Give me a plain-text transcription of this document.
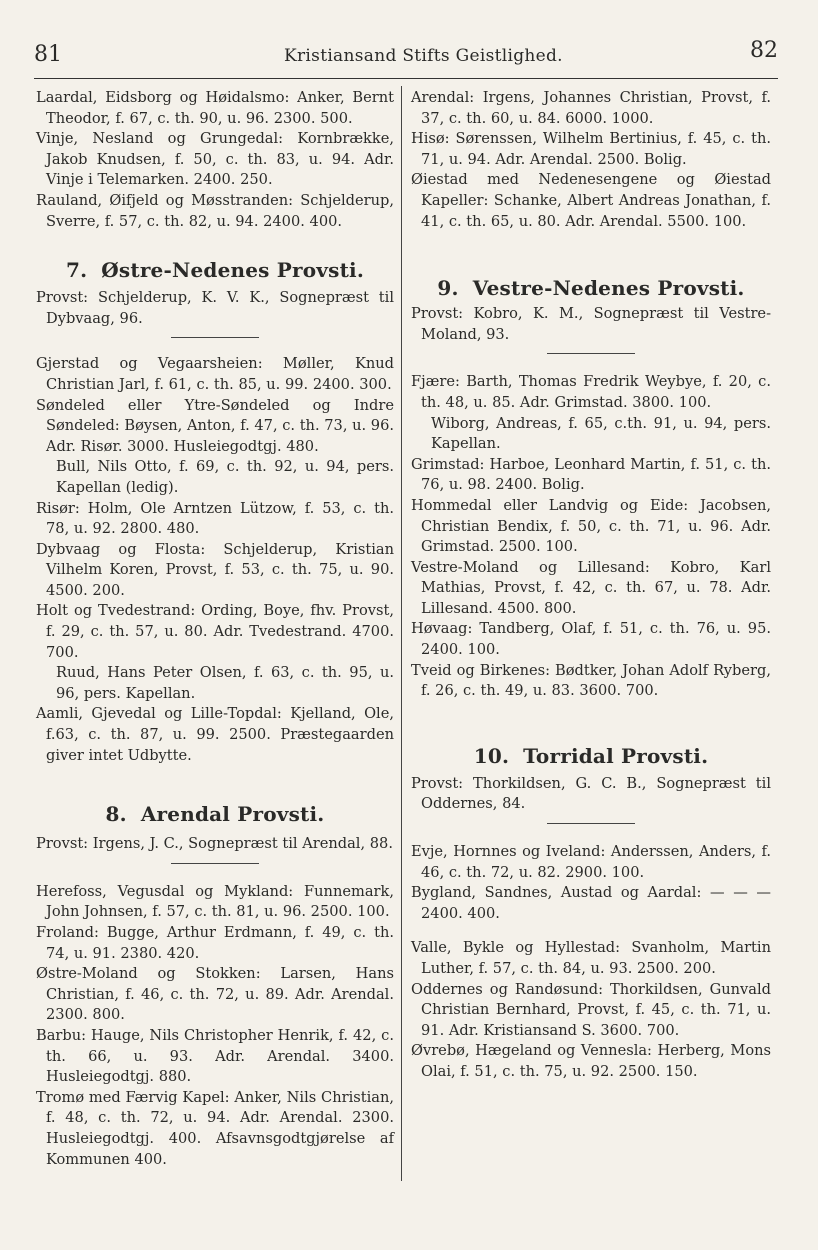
81	Kristiansand Stifts Geistlighed.	82

Laardal, Eidsborg og Høidalsmo: Anker, Bernt Theodor, f. 67, c. th. 90, u. 96. 2300. 500.

Vinje, Nesland og Grungedal: Kornbrække, Jakob Knudsen, f. 50, c. th. 83, u. 94. Adr. Vinje i Telemarken. 2400. 250.

Rauland, Øifjeld og Møsstranden: Schjelderup, Sverre, f. 57, c. th. 82, u. 94. 2400. 400.

7. Østre-Nedenes Provsti.

Provst: Schjelderup, K. V. K., Sognepræst til Dybvaag, 96.

Gjerstad og Vegaarsheien: Møller, Knud Christian Jarl, f. 61, c. th. 85, u. 99. 2400. 300.

Søndeled eller Ytre-Søndeled og Indre Søndeled: Bøysen, Anton, f. 47, c. th. 73, u. 96. Adr. Risør. 3000. Husleiegodtgj. 480.

Bull, Nils Otto, f. 69, c. th. 92, u. 94, pers. Kapellan (ledig).

Risør: Holm, Ole Arntzen Lützow, f. 53, c. th. 78, u. 92. 2800. 480.

Dybvaag og Flosta: Schjelderup, Kristian Vilhelm Koren, Provst, f. 53, c. th. 75, u. 90. 4500. 200.

Holt og Tvedestrand: Ording, Boye, fhv. Provst, f. 29, c. th. 57, u. 80. Adr. Tvedestrand. 4700. 700.

Ruud, Hans Peter Olsen, f. 63, c. th. 95, u. 96, pers. Kapellan.

Aamli, Gjevedal og Lille-Topdal: Kjelland, Ole, f.63, c. th. 87, u. 99. 2500. Præstegaarden giver intet Udbytte.

8. Arendal Provsti.

Provst: Irgens, J. C., Sognepræst til Arendal, 88.

Herefoss, Vegusdal og Mykland: Funnemark, John Johnsen, f. 57, c. th. 81, u. 96. 2500. 100.

Froland: Bugge, Arthur Erdmann, f. 49, c. th. 74, u. 91. 2380. 420.

Østre-Moland og Stokken: Larsen, Hans Christian, f. 46, c. th. 72, u. 89. Adr. Arendal. 2300. 800.

Barbu: Hauge, Nils Christopher Henrik, f. 42, c. th. 66, u. 93. Adr. Arendal. 3400. Husleiegodtgj. 880.

Tromø med Færvig Kapel: Anker, Nils Christian, f. 48, c. th. 72, u. 94. Adr. Arendal. 2300. Husleiegodtgj. 400. Afsavnsgodtgjørelse af Kommunen 400.

Arendal: Irgens, Johannes Christian, Provst, f. 37, c. th. 60, u. 84. 6000. 1000.

Hisø: Sørenssen, Wilhelm Bertinius, f. 45, c. th. 71, u. 94. Adr. Arendal. 2500. Bolig.

Øiestad med Nedenesengene og Øiestad Kapeller: Schanke, Albert Andreas Jonathan, f. 41, c. th. 65, u. 80. Adr. Arendal. 5500. 100.

9. Vestre-Nedenes Provsti.

Provst: Kobro, K. M., Sognepræst til Vestre-Moland, 93.

Fjære: Barth, Thomas Fredrik Weybye, f. 20, c. th. 48, u. 85. Adr. Grimstad. 3800. 100.

Wiborg, Andreas, f. 65, c.th. 91, u. 94, pers. Kapellan.

Grimstad: Harboe, Leonhard Martin, f. 51, c. th. 76, u. 98. 2400. Bolig.

Hommedal eller Landvig og Eide: Jacobsen, Christian Bendix, f. 50, c. th. 71, u. 96. Adr. Grimstad. 2500. 100.

Vestre-Moland og Lillesand: Kobro, Karl Mathias, Provst, f. 42, c. th. 67, u. 78. Adr. Lillesand. 4500. 800.

Høvaag: Tandberg, Olaf, f. 51, c. th. 76, u. 95. 2400. 100.

Tveid og Birkenes: Bødtker, Johan Adolf Ryberg, f. 26, c. th. 49, u. 83. 3600. 700.

10. Torridal Provsti.

Provst: Thorkildsen, G. C. B., Sognepræst til Oddernes, 84.

Evje, Hornnes og Iveland: Anderssen, Anders, f. 46, c. th. 72, u. 82. 2900. 100.

Bygland, Sandnes, Austad og Aardal: — — — 2400. 400.

Valle, Bykle og Hyllestad: Svanholm, Martin Luther, f. 57, c. th. 84, u. 93. 2500. 200.

Oddernes og Randøsund: Thorkildsen, Gunvald Christian Bernhard, Provst, f. 45, c. th. 71, u. 91. Adr. Kristiansand S. 3600. 700.

Øvrebø, Hægeland og Vennesla: Herberg, Mons Olai, f. 51, c. th. 75, u. 92. 2500. 150.
